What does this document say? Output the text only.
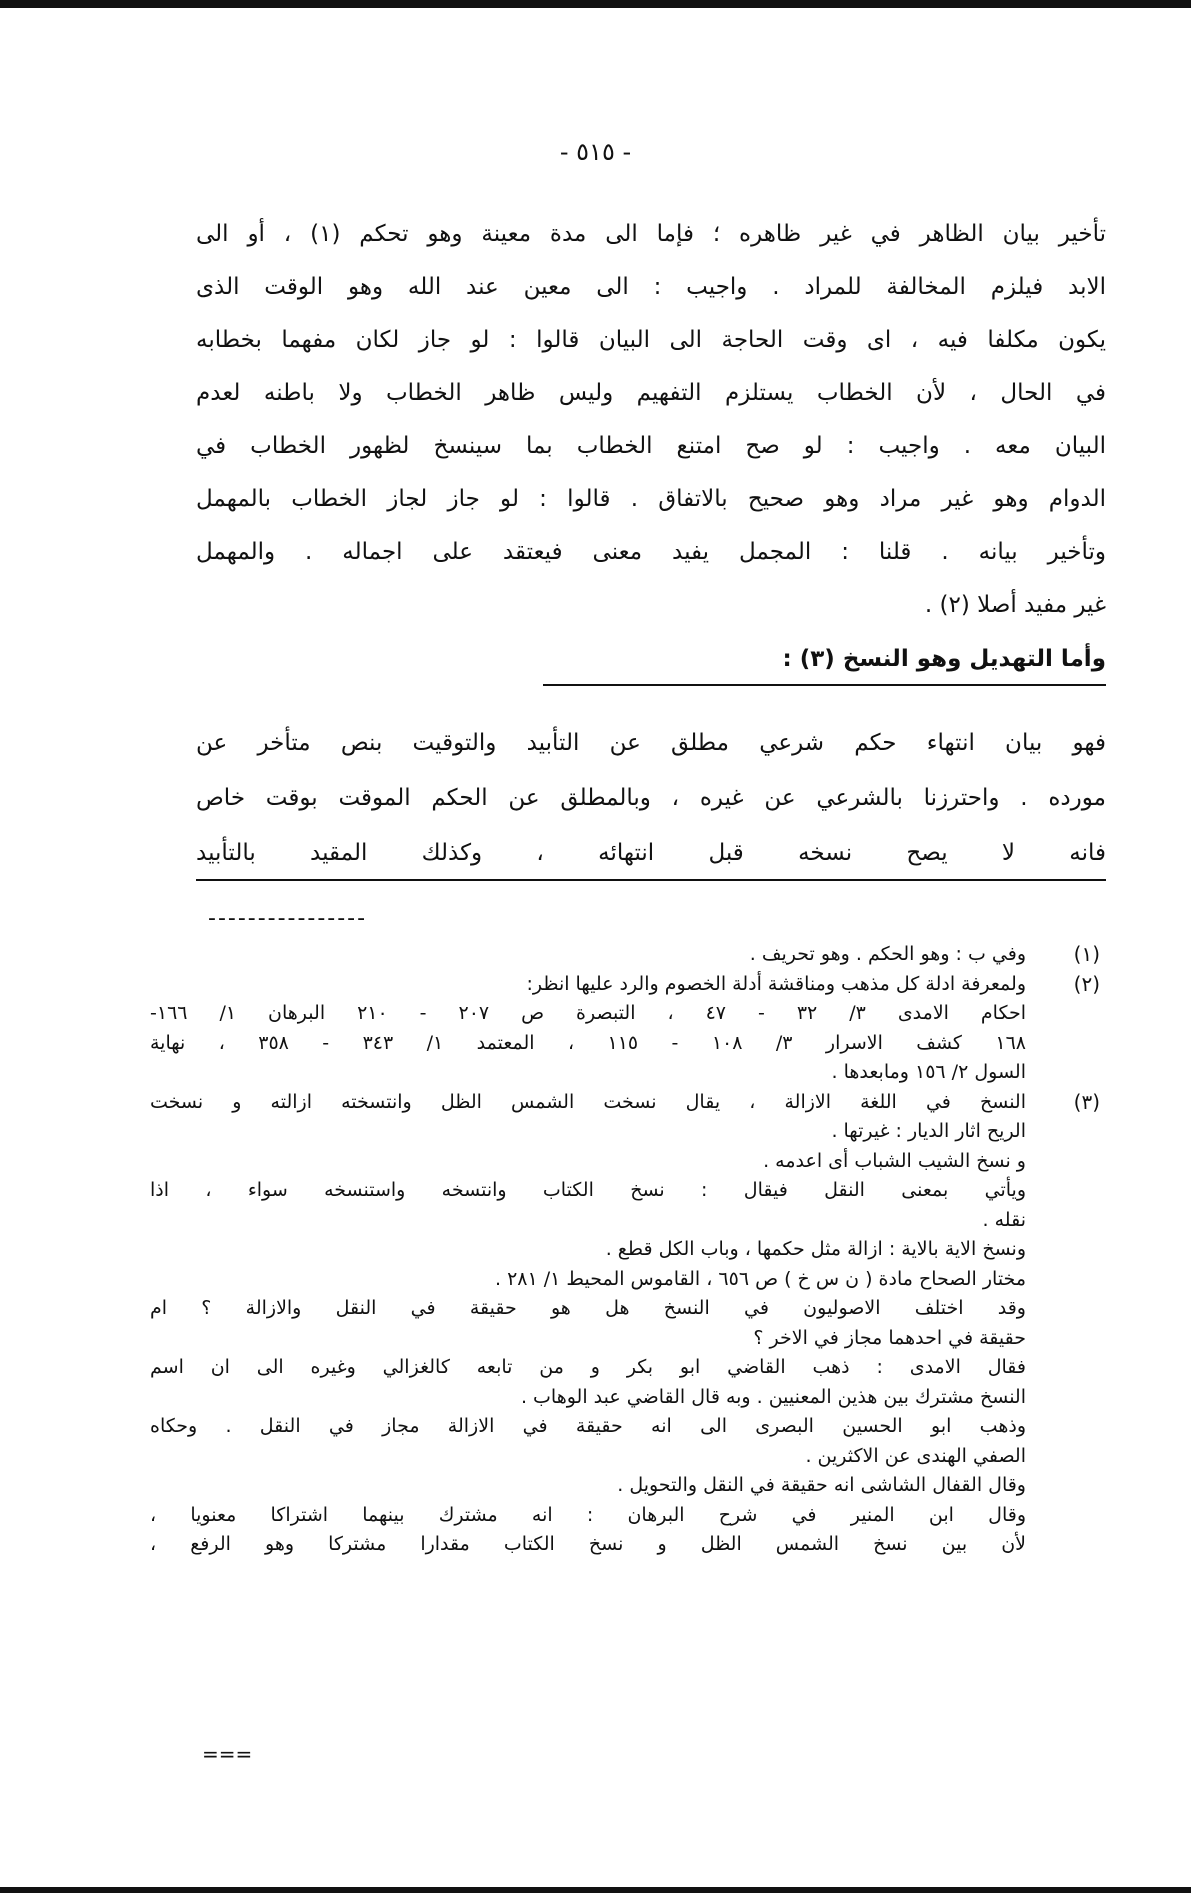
- ٥١٥ -
تأخير بيان الظاهر في غير ظاهره ؛ فإما الى مدة معينة وهو تحكم (١) ، أو الى
الابد فيلزم المخالفة للمراد . واجيب : الى معين عند الله وهو الوقت الذى
يكون مكلفا فيه ، اى وقت الحاجة الى البيان قالوا : لو جاز لكان مفهما بخطابه
في الحال ، لأن الخطاب يستلزم التفهيم وليس ظاهر الخطاب ولا باطنه لعدم
البيان معه . واجيب : لو صح امتنع الخطاب بما سينسخ لظهور الخطاب في
الدوام وهو غير مراد وهو صحيح بالاتفاق . قالوا : لو جاز لجاز الخطاب بالمهمل
وتأخير بيانه . قلنا : المجمل يفيد معنى فيعتقد على اجماله . والمهمل
غير مفيد أصلا (٢) .
وأما التهديل وهو النسخ (٣) :
فهو بيان انتهاء حكم شرعي مطلق عن التأبيد والتوقيت بنص متأخر عن
مورده . واحترزنا بالشرعي عن غيره ، وبالمطلق عن الحكم الموقت بوقت خاص
فانه لا يصح نسخه قبل انتهائه ، وكذلك المقيد بالتأبيد
----------------
(١)
وفي ب : وهو الحكم . وهو تحريف .
(٢)
ولمعرفة ادلة كل مذهب ومناقشة أدلة الخصوم والرد عليها انظر:
احكام الامدى ٣/ ٣٢ - ٤٧ ، التبصرة ص ٢٠٧ - ٢١٠ البرهان ١/ ١٦٦-
١٦٨ كشف الاسرار ٣/ ١٠٨ - ١١٥ ، المعتمد ١/ ٣٤٣ - ٣٥٨ ، نهاية
السول ٢/ ١٥٦ ومابعدها .
(٣)
النسخ في اللغة الازالة ، يقال نسخت الشمس الظل وانتسخته ازالته و نسخت
الريح اثار الديار : غيرتها .
و نسخ الشيب الشباب أى اعدمه .
ويأتي بمعنى النقل فيقال : نسخ الكتاب وانتسخه واستنسخه سواء ، اذا
نقله .
ونسخ الاية بالاية : ازالة مثل حكمها ، وباب الكل قطع .
مختار الصحاح مادة ( ن س خ ) ص ٦٥٦ ، القاموس المحيط ١/ ٢٨١ .
وقد اختلف الاصوليون في النسخ هل هو حقيقة في النقل والازالة ؟ ام
حقيقة في احدهما مجاز في الاخر ؟
فقال الامدى : ذهب القاضي ابو بكر و من تابعه كالغزالي وغيره الى ان اسم
النسخ مشترك بين هذين المعنيين . وبه قال القاضي عبد الوهاب .
وذهب ابو الحسين البصرى الى انه حقيقة في الازالة مجاز في النقل . وحكاه
الصفي الهندى عن الاكثرين .
وقال القفال الشاشى انه حقيقة في النقل والتحويل .
وقال ابن المنير في شرح البرهان : انه مشترك بينهما اشتراكا معنويا ،
لأن بين نسخ الشمس الظل و نسخ الكتاب مقدارا مشتركا وهو الرفع ،
===
